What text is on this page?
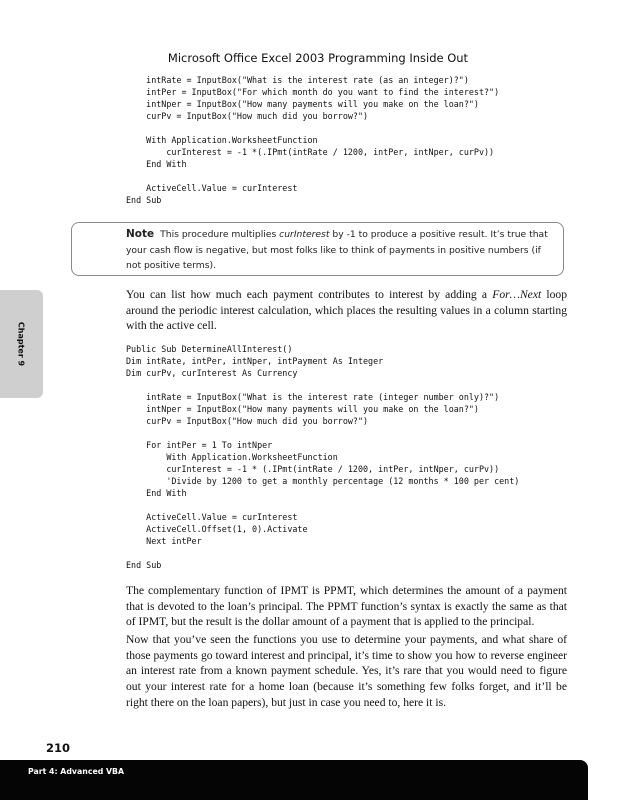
Microsoft Office Excel 2003 Programming Inside Out
intRate = InputBox("What is the interest rate (as an integer)?")
intPer = InputBox("For which month do you want to find the interest?")
intNper = InputBox("How many payments will you make on the loan?")
curPv = InputBox("How much did you borrow?")

With Application.WorksheetFunction
curInterest = -1 *(.IPmt(intRate / 1200, intPer, intNper, curPv))
End With

ActiveCell.Value = curInterest
End Sub
Note This procedure multiplies curInterest by -1 to produce a positive result. It’s true that your cash flow is negative, but most folks like to think of payments in positive numbers (if not positive terms).
Chapter 9

You can list how much each payment contributes to interest by adding a For…Next loop around the periodic interest calculation, which places the resulting values in a column starting with the active cell.

Public Sub DetermineAllInterest()
Dim intRate, intPer, intNper, intPayment As Integer
Dim curPv, curInterest As Currency

intRate = InputBox("What is the interest rate (integer number only)?")
intNper = InputBox("How many payments will you make on the loan?")
curPv = InputBox("How much did you borrow?")

For intPer = 1 To intNper
With Application.WorksheetFunction
curInterest = -1 * (.IPmt(intRate / 1200, intPer, intNper, curPv))
'Divide by 1200 to get a monthly percentage (12 months * 100 per cent)
End With

ActiveCell.Value = curInterest
ActiveCell.Offset(1, 0).Activate
Next intPer

End Sub

The complementary function of IPMT is PPMT, which determines the amount of a payment that is devoted to the loan’s principal. The PPMT function’s syntax is exactly the same as that of IPMT, but the result is the dollar amount of a payment that is applied to the principal.

Now that you’ve seen the functions you use to determine your payments, and what share of those payments go toward interest and principal, it’s time to show you how to reverse engineer an interest rate from a known payment schedule. Yes, it’s rare that you would need to figure out your interest rate for a home loan (because it’s something few folks forget, and it’ll be right there on the loan papers), but just in case you need to, here it is.

210
Part 4: Advanced VBA
